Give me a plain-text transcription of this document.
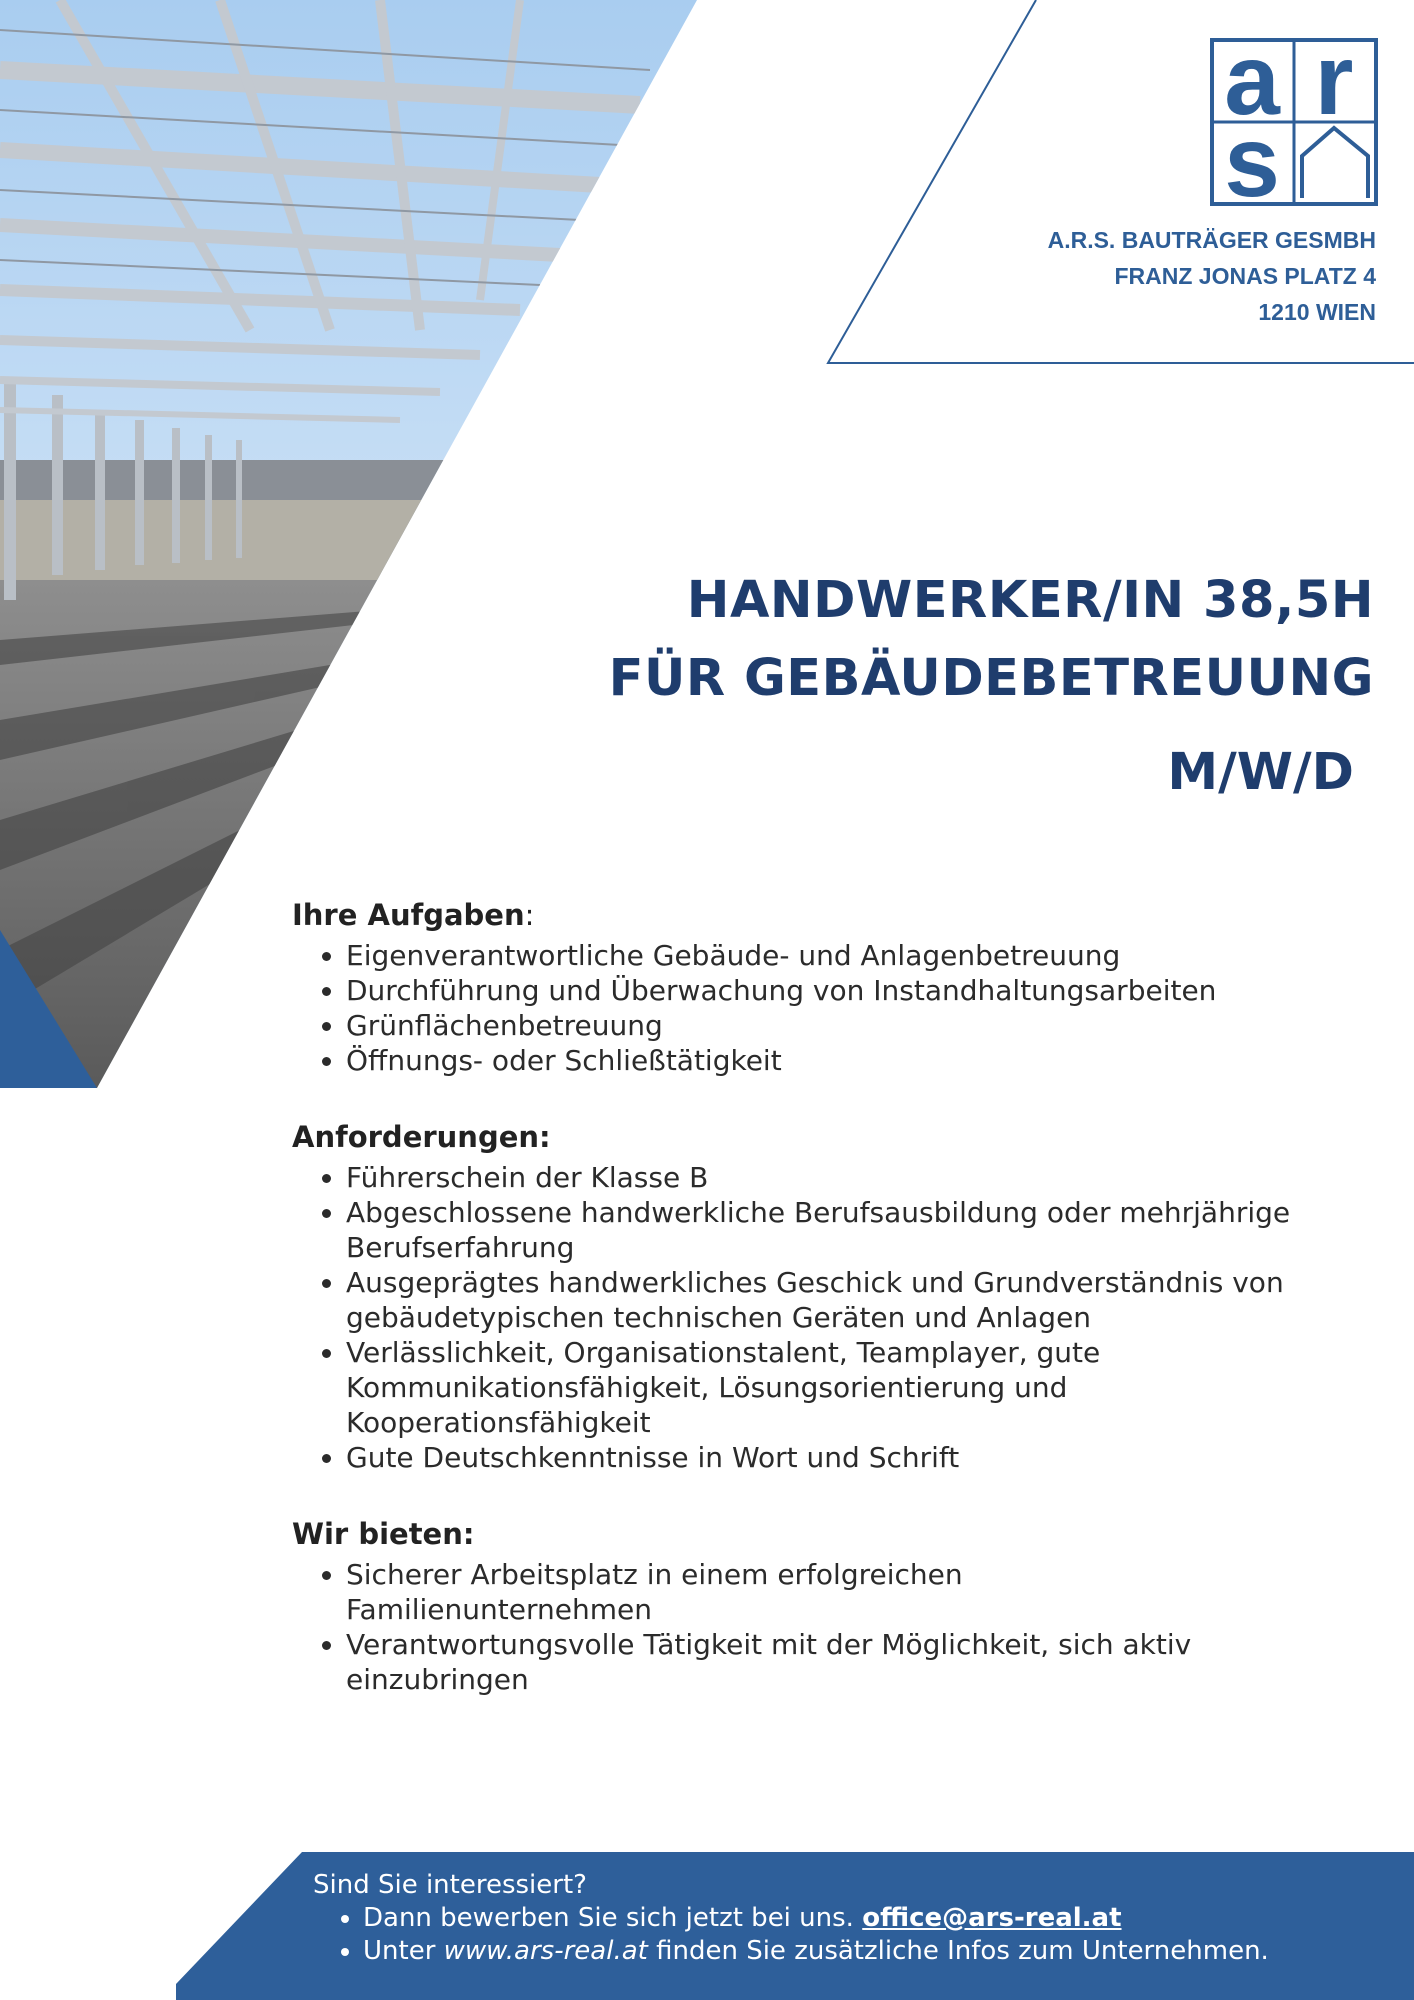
a r
s
A.R.S. BAUTRÄGER GESMBH
FRANZ JONAS PLATZ 4
1210 WIEN
HANDWERKER/IN 38,5H
FÜR GEBÄUDEBETREUUNG
M/W/D
Ihre Aufgaben:
• Eigenverantwortliche Gebäude- und Anlagenbetreuung
• Durchführung und Überwachung von Instandhaltungsarbeiten
• Grünflächenbetreuung
• Öffnungs- oder Schließtätigkeit
Anforderungen:
• Führerschein der Klasse B
• Abgeschlossene handwerkliche Berufsausbildung oder mehrjährige Berufserfahrung
• Ausgeprägtes handwerkliches Geschick und Grundverständnis von gebäudetypischen technischen Geräten und Anlagen
• Verlässlichkeit, Organisationstalent, Teamplayer, gute Kommunikationsfähigkeit, Lösungsorientierung und Kooperationsfähigkeit
• Gute Deutschkenntnisse in Wort und Schrift
Wir bieten:
• Sicherer Arbeitsplatz in einem erfolgreichen Familienunternehmen
• Verantwortungsvolle Tätigkeit mit der Möglichkeit, sich aktiv einzubringen
Sind Sie interessiert?
• Dann bewerben Sie sich jetzt bei uns. office@ars-real.at
• Unter www.ars-real.at finden Sie zusätzliche Infos zum Unternehmen.
